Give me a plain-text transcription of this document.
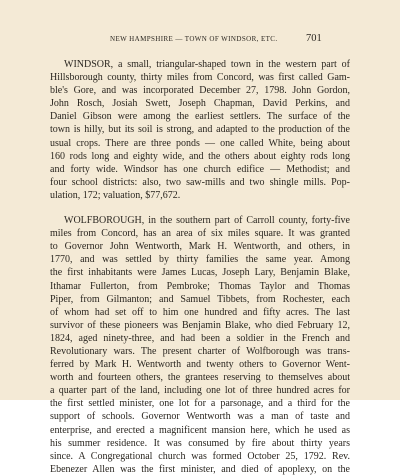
NEW HAMPSHIRE — TOWN OF WINDSOR, ETC.	701
WINDSOR, a small, triangular-shaped town in the western part of
Hillsborough county, thirty miles from Concord, was first called Gam-
ble's Gore, and was incorporated December 27, 1798. John Gordon,
John Rosch, Josiah Swett, Joseph Chapman, David Perkins, and
Daniel Gibson were among the earliest settlers. The surface of the
town is hilly, but its soil is strong, and adapted to the production of the
usual crops. There are three ponds — one called White, being about
160 rods long and eighty wide, and the others about eighty rods long
and forty wide. Windsor has one church edifice — Methodist; and
four school districts: also, two saw-mills and two shingle mills. Pop-
ulation, 172; valuation, $77,672.
WOLFBOROUGH, in the southern part of Carroll county, forty-five
miles from Concord, has an area of six miles square. It was granted
to Governor John Wentworth, Mark H. Wentworth, and others, in
1770, and was settled by thirty families the same year. Among
the first inhabitants were James Lucas, Joseph Lary, Benjamin Blake,
Ithamar Fullerton, from Pembroke; Thomas Taylor and Thomas
Piper, from Gilmanton; and Samuel Tibbets, from Rochester, each
of whom had set off to him one hundred and fifty acres. The last
survivor of these pioneers was Benjamin Blake, who died February 12,
1824, aged ninety-three, and had been a soldier in the French and
Revolutionary wars. The present charter of Wolfborough was trans-
ferred by Mark H. Wentworth and twenty others to Governor Went-
worth and fourteen others, the grantees reserving to themselves about
a quarter part of the land, including one lot of three hundred acres for
the first settled minister, one lot for a parsonage, and a third for the
support of schools. Governor Wentworth was a man of taste and
enterprise, and erected a magnificent mansion here, which he used as
his summer residence. It was consumed by fire about thirty years
since. A Congregational church was formed October 25, 1792. Rev.
Ebenezer Allen was the first minister, and died of apoplexy, on the
